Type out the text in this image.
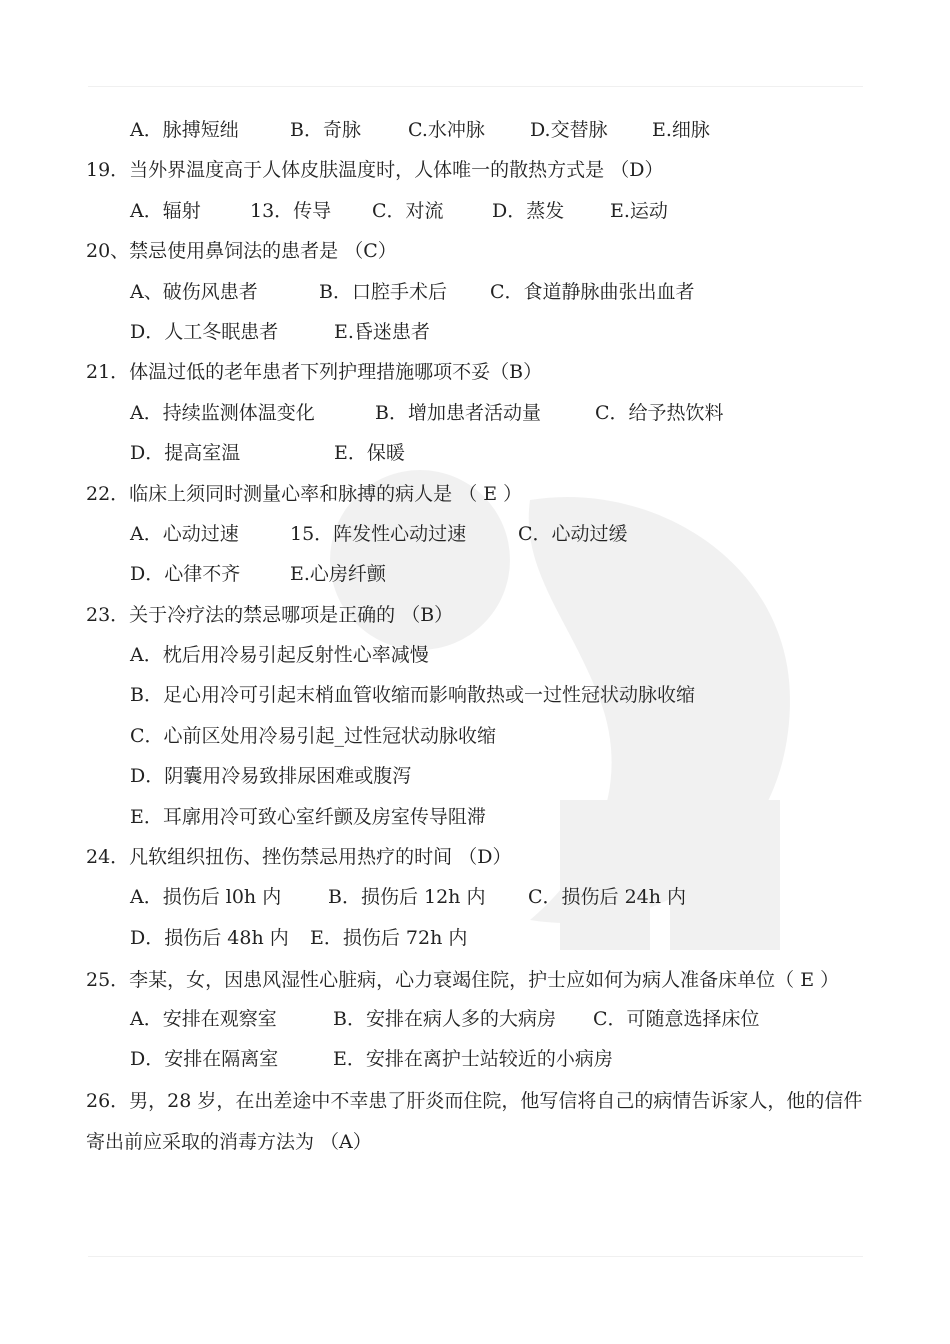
A．脉搏短绌	B．奇脉 C.水冲脉 D.交替脉 E.细脉
19．当外界温度高于人体皮肤温度时，人体唯一的散热方式是 （D）
A．辐射	13．传导 C．对流	D．蒸发 E.运动
20、禁忌使用鼻饲法的患者是 （C）
A、破伤风患者	B．口腔手术后 C．食道静脉曲张出血者
D．人工冬眠患者	E.昏迷患者
21．体温过低的老年患者下列护理措施哪项不妥（B）
A．持续监测体温变化	B．增加患者活动量	C．给予热饮料
D．提高室温	E．保暖
22．临床上须同时测量心率和脉搏的病人是 （ E ）
A．心动过速	15．阵发性心动过速	C．心动过缓
D．心律不齐	E.心房纤颤
23．关于冷疗法的禁忌哪项是正确的 （B）
A．枕后用冷易引起反射性心率减慢
B．足心用冷可引起末梢血管收缩而影响散热或一过性冠状动脉收缩
C．心前区处用冷易引起_过性冠状动脉收缩
D．阴囊用冷易致排尿困难或腹泻
E．耳廓用冷可致心室纤颤及房室传导阻滞
24．凡软组织扭伤、挫伤禁忌用热疗的时间 （D）
A．损伤后 l0h 内 B．损伤后 12h 内 C．损伤后 24h 内
D．损伤后 48h 内 E．损伤后 72h 内
25．李某，女，因患风湿性心脏病，心力衰竭住院，护士应如何为病人准备床单位（ E ）
A．安排在观察室	B．安排在病人多的大病房 C．可随意选择床位
D．安排在隔离室	E．安排在离护士站较近的小病房
26．男，28 岁，在出差途中不幸患了肝炎而住院，他写信将自己的病情告诉家人，他的信件寄出前应采取的消毒方法为 （A）
